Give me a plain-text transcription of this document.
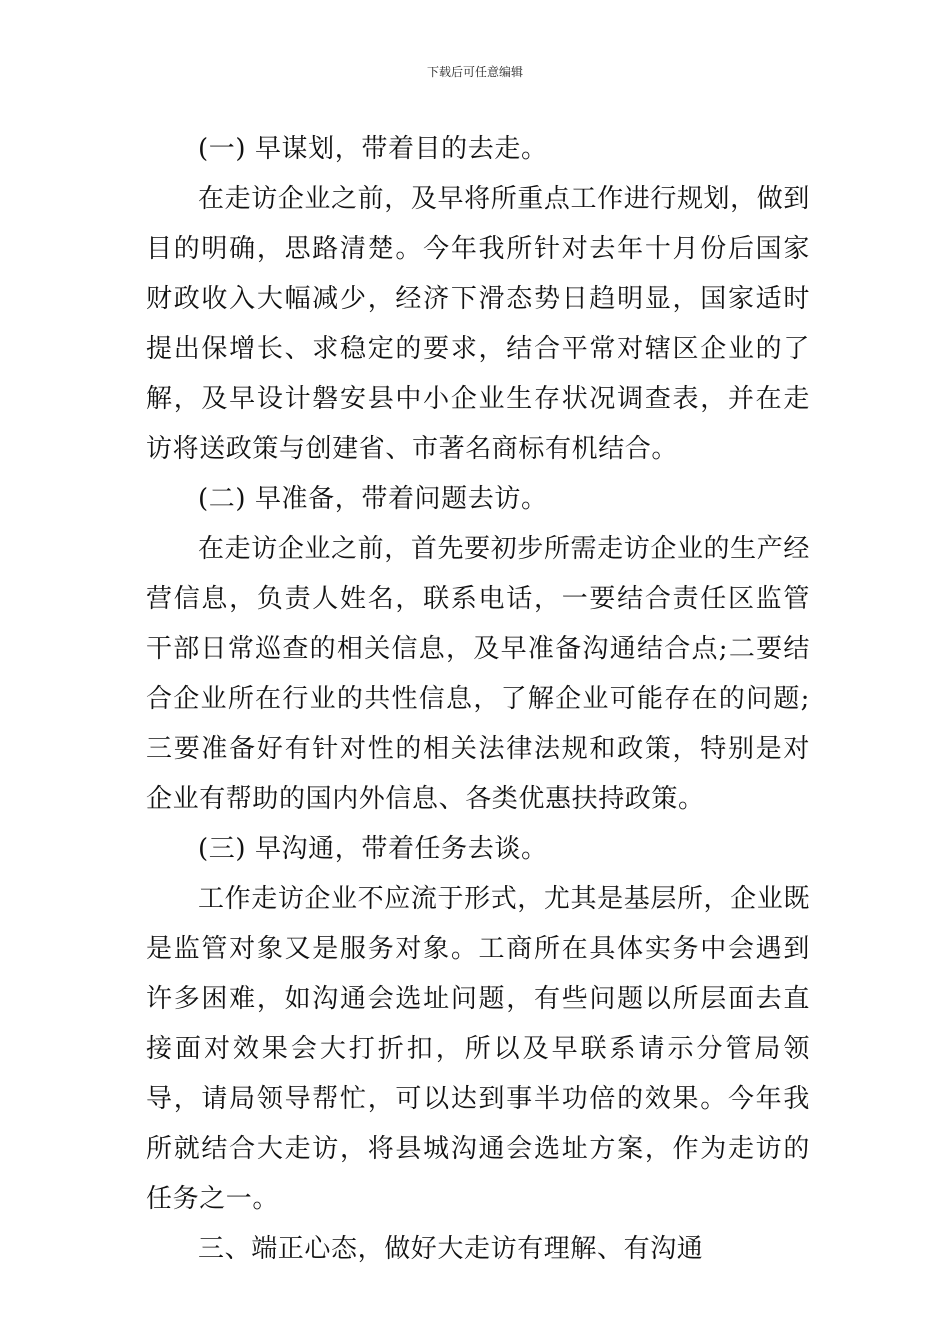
下载后可任意编辑

(一) 早谋划，带着目的去走。

在走访企业之前，及早将所重点工作进行规划，做到目的明确，思路清楚。今年我所针对去年十月份后国家财政收入大幅减少，经济下滑态势日趋明显，国家适时提出保增长、求稳定的要求，结合平常对辖区企业的了解，及早设计磐安县中小企业生存状况调查表，并在走访将送政策与创建省、市著名商标有机结合。

(二) 早准备，带着问题去访。

在走访企业之前，首先要初步所需走访企业的生产经营信息，负责人姓名，联系电话，一要结合责任区监管干部日常巡查的相关信息，及早准备沟通结合点;二要结合企业所在行业的共性信息，了解企业可能存在的问题;三要准备好有针对性的相关法律法规和政策，特别是对企业有帮助的国内外信息、各类优惠扶持政策。

(三) 早沟通，带着任务去谈。

工作走访企业不应流于形式，尤其是基层所，企业既是监管对象又是服务对象。工商所在具体实务中会遇到许多困难，如沟通会选址问题，有些问题以所层面去直接面对效果会大打折扣，所以及早联系请示分管局领导，请局领导帮忙，可以达到事半功倍的效果。今年我所就结合大走访，将县城沟通会选址方案，作为走访的任务之一。

三、端正心态，做好大走访有理解、有沟通
